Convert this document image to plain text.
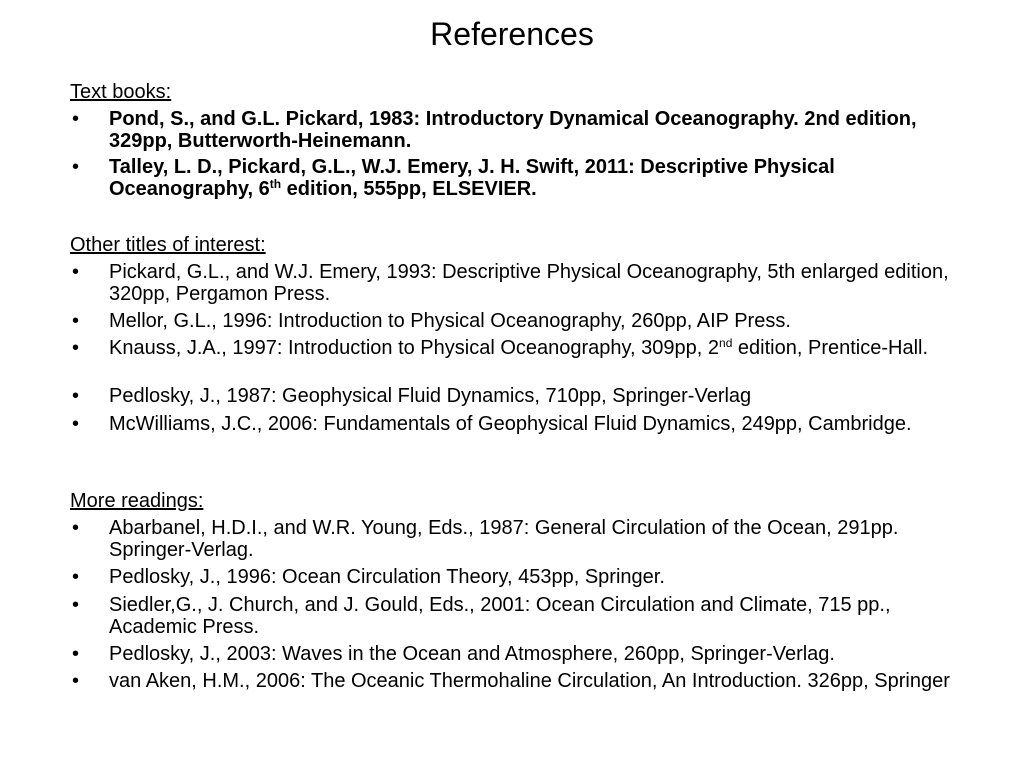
References
Text books:
• Pond, S., and G.L. Pickard, 1983: Introductory Dynamical Oceanography. 2nd edition, 329pp, Butterworth-Heinemann.
• Talley, L. D., Pickard, G.L., W.J. Emery, J. H. Swift, 2011: Descriptive Physical Oceanography, 6th edition, 555pp, ELSEVIER.
Other titles of interest:
• Pickard, G.L., and W.J. Emery, 1993: Descriptive Physical Oceanography, 5th enlarged edition, 320pp, Pergamon Press.
• Mellor, G.L., 1996: Introduction to Physical Oceanography, 260pp, AIP Press.
• Knauss, J.A., 1997: Introduction to Physical Oceanography, 309pp, 2nd edition, Prentice-Hall.
• Pedlosky, J., 1987: Geophysical Fluid Dynamics, 710pp, Springer-Verlag
• McWilliams, J.C., 2006: Fundamentals of Geophysical Fluid Dynamics, 249pp, Cambridge.
More readings:
• Abarbanel, H.D.I., and W.R. Young, Eds., 1987: General Circulation of the Ocean, 291pp. Springer-Verlag.
• Pedlosky, J., 1996: Ocean Circulation Theory, 453pp, Springer.
• Siedler,G., J. Church, and J. Gould, Eds., 2001: Ocean Circulation and Climate, 715 pp., Academic Press.
• Pedlosky, J., 2003: Waves in the Ocean and Atmosphere, 260pp, Springer-Verlag.
• van Aken, H.M., 2006: The Oceanic Thermohaline Circulation, An Introduction. 326pp, Springer
